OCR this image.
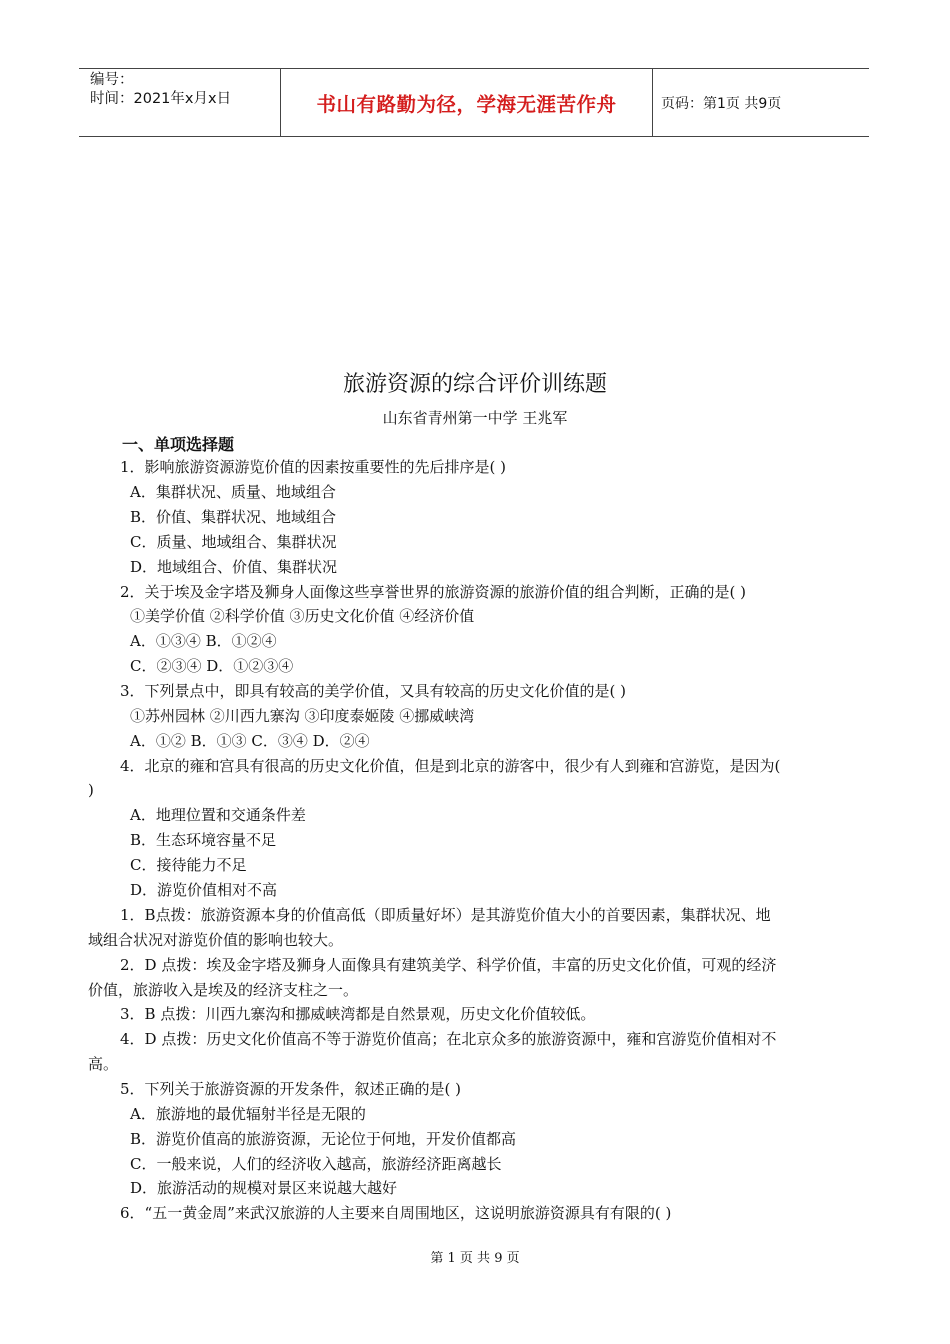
编号：
时间：2021年x月x日	书山有路勤为径，学海无涯苦作舟	页码：第1页 共9页
旅游资源的综合评价训练题
山东省青州第一中学 王兆军
一、单项选择题
1．影响旅游资源游览价值的因素按重要性的先后排序是( )
A．集群状况、质量、地域组合
B．价值、集群状况、地域组合
C．质量、地域组合、集群状况
D．地域组合、价值、集群状况
2．关于埃及金字塔及狮身人面像这些享誉世界的旅游资源的旅游价值的组合判断，正确的是( )
①美学价值 ②科学价值 ③历史文化价值 ④经济价值
A．①③④ B．①②④
C．②③④ D．①②③④
3．下列景点中，即具有较高的美学价值，又具有较高的历史文化价值的是( )
①苏州园林 ②川西九寨沟 ③印度泰姬陵 ④挪威峡湾
A．①② B．①③ C．③④ D．②④
4．北京的雍和宫具有很高的历史文化价值，但是到北京的游客中，很少有人到雍和宫游览，是因为(
)
A．地理位置和交通条件差
B．生态环境容量不足
C．接待能力不足
D．游览价值相对不高
1．B点拨：旅游资源本身的价值高低（即质量好坏）是其游览价值大小的首要因素，集群状况、地
域组合状况对游览价值的影响也较大。
2．D 点拨：埃及金字塔及狮身人面像具有建筑美学、科学价值，丰富的历史文化价值，可观的经济
价值，旅游收入是埃及的经济支柱之一。
3．B 点拨：川西九寨沟和挪威峡湾都是自然景观，历史文化价值较低。
4．D 点拨：历史文化价值高不等于游览价值高；在北京众多的旅游资源中，雍和宫游览价值相对不
高。
5．下列关于旅游资源的开发条件，叙述正确的是( )
A．旅游地的最优辐射半径是无限的
B．游览价值高的旅游资源，无论位于何地，开发价值都高
C．一般来说，人们的经济收入越高，旅游经济距离越长
D．旅游活动的规模对景区来说越大越好
6．“五一黄金周”来武汉旅游的人主要来自周围地区，这说明旅游资源具有有限的( )
第 1 页 共 9 页
